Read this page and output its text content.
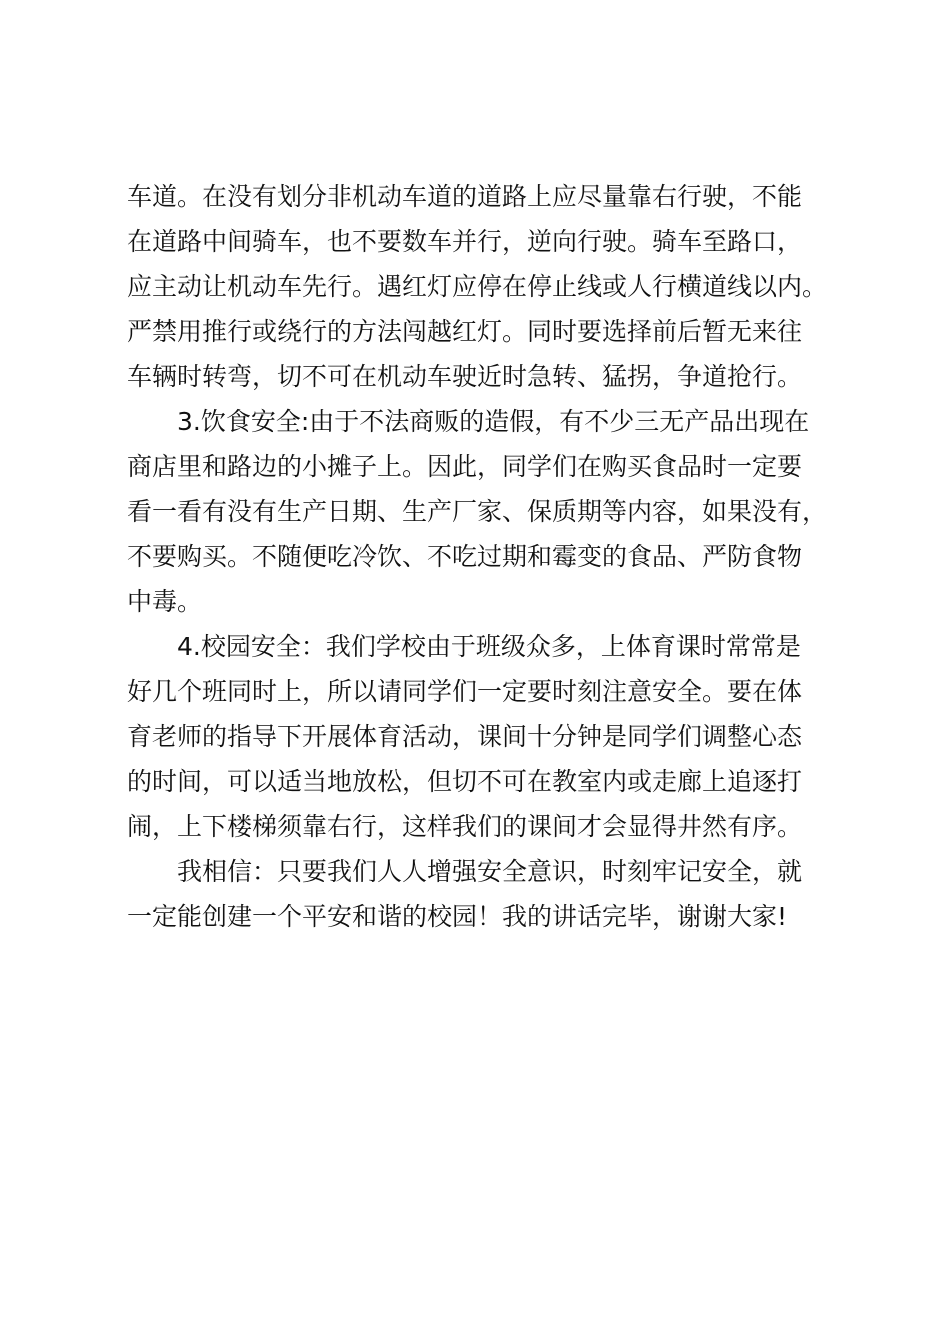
车道。在没有划分非机动车道的道路上应尽量靠右行驶，不能
在道路中间骑车，也不要数车并行，逆向行驶。骑车至路口，
应主动让机动车先行。遇红灯应停在停止线或人行横道线以内。
严禁用推行或绕行的方法闯越红灯。同时要选择前后暂无来往
车辆时转弯，切不可在机动车驶近时急转、猛拐，争道抢行。
3.饮食安全:由于不法商贩的造假，有不少三无产品出现在
商店里和路边的小摊子上。因此，同学们在购买食品时一定要
看一看有没有生产日期、生产厂家、保质期等内容，如果没有，
不要购买。不随便吃冷饮、不吃过期和霉变的食品、严防食物
中毒。
4.校园安全：我们学校由于班级众多，上体育课时常常是
好几个班同时上，所以请同学们一定要时刻注意安全。要在体
育老师的指导下开展体育活动，课间十分钟是同学们调整心态
的时间，可以适当地放松，但切不可在教室内或走廊上追逐打
闹，上下楼梯须靠右行，这样我们的课间才会显得井然有序。
我相信：只要我们人人增强安全意识，时刻牢记安全，就
一定能创建一个平安和谐的校园！我的讲话完毕，谢谢大家!
